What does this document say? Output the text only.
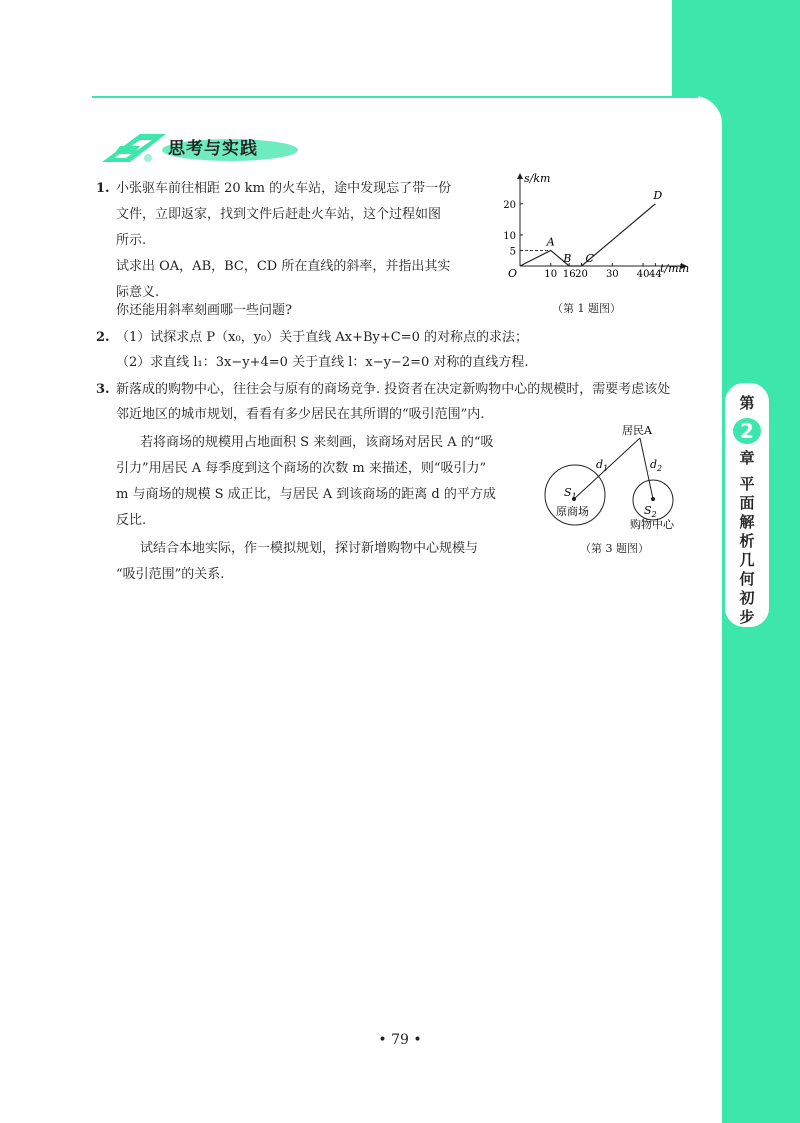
第
2
章
平面解析几何初步
思考与实践
1. 小张驱车前往相距 20 km 的火车站，途中发现忘了带一份
文件，立即返家，找到文件后赶赴火车站，这个过程如图
所示.
试求出 OA，AB，BC，CD 所在直线的斜率，并指出其实
际意义.
你还能用斜率刻画哪一些问题?
10 16 20 30 40 44
5
10
20
A
B C
D
s/km
t/min
O
（第 1 题图）
2. （1）试探求点 P（x₀，y₀）关于直线 Ax+By+C=0 的对称点的求法；
（2）求直线 l₁：3x−y+4=0 关于直线 l：x−y−2=0 对称的直线方程.
3. 新落成的购物中心，往往会与原有的商场竞争. 投资者在决定新购物中心的规模时，需要考虑该处
邻近地区的城市规划，看看有多少居民在其所谓的“吸引范围”内.
若将商场的规模用占地面积 S 来刻画，该商场对居民 A 的“吸
引力”用居民 A 每季度到这个商场的次数 m 来描述，则“吸引力”
m 与商场的规模 S 成正比，与居民 A 到该商场的距离 d 的平方成
反比.
试结合本地实际，作一模拟规划，探讨新增购物中心规模与
“吸引范围”的关系.
居民A
$d_1$	$d_2$
$S_1$
$S_2$
原商场
购物中心
（第 3 题图）
• 79 •
